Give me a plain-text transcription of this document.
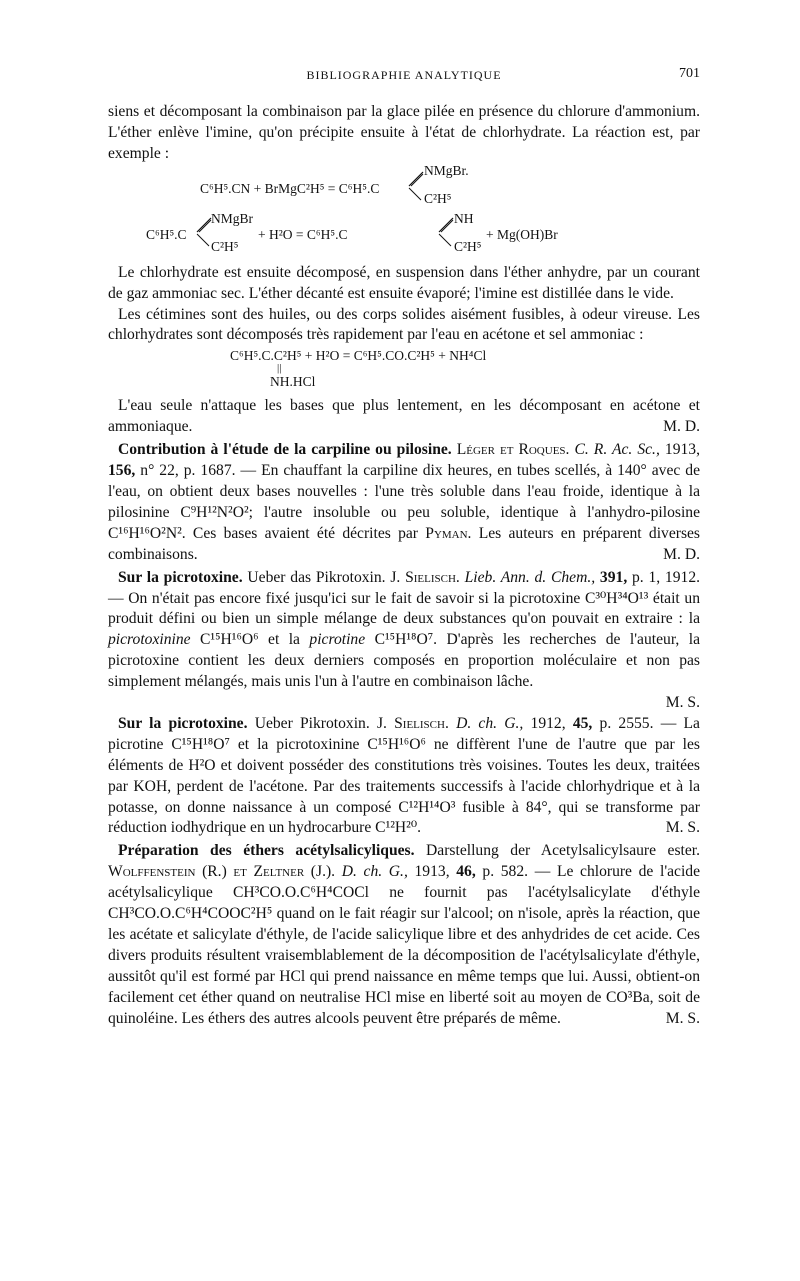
BIBLIOGRAPHIE ANALYTIQUE	701

siens et décomposant la combinaison par la glace pilée en présence du chlorure d'ammonium. L'éther enlève l'imine, qu'on précipite ensuite à l'état de chlorhydrate. La réaction est, par exemple :

C⁶H⁵.CN + BrMgC²H⁵ = C⁶H⁵.C
NMgBr.
C²H⁵
C⁶H⁵.C
NMgBr
C²H⁵
+ H²O = C⁶H⁵.C
NH
C²H⁵
+ Mg(OH)Br

Le chlorhydrate est ensuite décomposé, en suspension dans l'éther anhydre, par un courant de gaz ammoniac sec. L'éther décanté est ensuite évaporé; l'imine est distillée dans le vide.

Les cétimines sont des huiles, ou des corps solides aisément fusibles, à odeur vireuse. Les chlorhydrates sont décomposés très rapidement par l'eau en acétone et sel ammoniac :

C⁶H⁵.C.C²H⁵ + H²O = C⁶H⁵.CO.C²H⁵ + NH⁴Cl
||
NH.HCl

L'eau seule n'attaque les bases que plus lentement, en les décomposant en acétone et ammoniaque.	M. D.

Contribution à l'étude de la carpiline ou pilosine. Léger et Roques. C. R. Ac. Sc., 1913, 156, n° 22, p. 1687. — En chauffant la carpiline dix heures, en tubes scellés, à 140° avec de l'eau, on obtient deux bases nouvelles : l'une très soluble dans l'eau froide, identique à la pilosinine C⁹H¹²N²O²; l'autre insoluble ou peu soluble, identique à l'anhydro-pilosine C¹⁶H¹⁶O²N². Ces bases avaient été décrites par Pyman. Les auteurs en préparent diverses combinaisons.	M. D.

Sur la picrotoxine. Ueber das Pikrotoxin. J. Sielisch. Lieb. Ann. d. Chem., 391, p. 1, 1912. — On n'était pas encore fixé jusqu'ici sur le fait de savoir si la picrotoxine C³⁰H³⁴O¹³ était un produit défini ou bien un simple mélange de deux substances qu'on pouvait en extraire : la picrotoxinine C¹⁵H¹⁶O⁶ et la picrotine C¹⁵H¹⁸O⁷. D'après les recherches de l'auteur, la picrotoxine contient les deux derniers composés en proportion moléculaire et non pas simplement mélangés, mais unis l'un à l'autre en combinaison lâche.

M. S.

Sur la picrotoxine. Ueber Pikrotoxin. J. Sielisch. D. ch. G., 1912, 45, p. 2555. — La picrotine C¹⁵H¹⁸O⁷ et la picrotoxinine C¹⁵H¹⁶O⁶ ne diffèrent l'une de l'autre que par les éléments de H²O et doivent posséder des constitutions très voisines. Toutes les deux, traitées par KOH, perdent de l'acétone. Par des traitements successifs à l'acide chlorhydrique et à la potasse, on donne naissance à un composé C¹²H¹⁴O³ fusible à 84°, qui se transforme par réduction iodhydrique en un hydrocarbure C¹²H²⁰.	M. S.

Préparation des éthers acétylsalicyliques. Darstellung der Acetylsalicylsaure ester. Wolffenstein (R.) et Zeltner (J.). D. ch. G., 1913, 46, p. 582. — Le chlorure de l'acide acétylsalicylique CH³CO.O.C⁶H⁴COCl ne fournit pas l'acétylsalicylate d'éthyle CH³CO.O.C⁶H⁴COOC²H⁵ quand on le fait réagir sur l'alcool; on n'isole, après la réaction, que les acétate et salicylate d'éthyle, de l'acide salicylique libre et des anhydrides de cet acide. Ces divers produits résultent vraisemblablement de la décomposition de l'acétylsalicylate d'éthyle, aussitôt qu'il est formé par HCl qui prend naissance en même temps que lui. Aussi, obtient-on facilement cet éther quand on neutralise HCl mise en liberté soit au moyen de CO³Ba, soit de quinoléine. Les éthers des autres alcools peuvent être préparés de même.	M. S.
